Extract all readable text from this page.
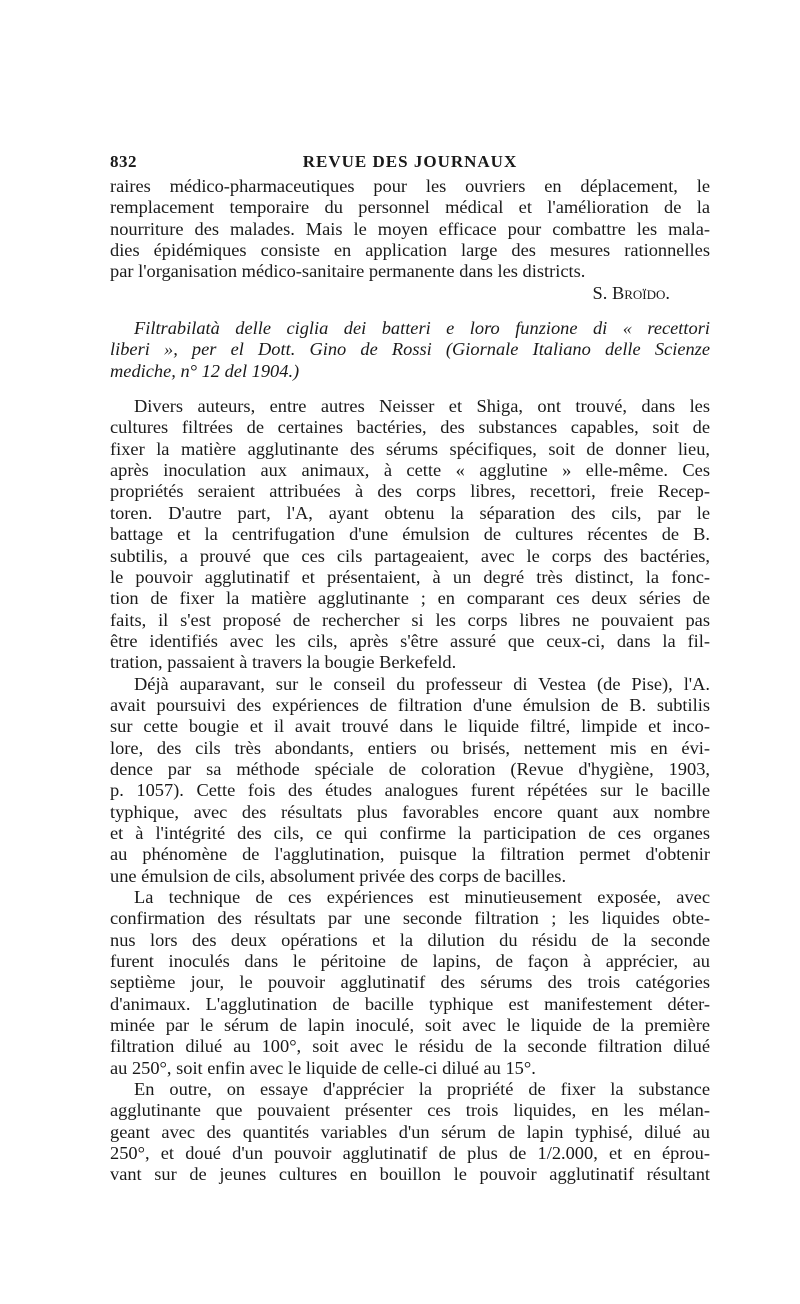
832	REVUE DES JOURNAUX
raires médico-pharmaceutiques pour les ouvriers en déplacement, le
remplacement temporaire du personnel médical et l'amélioration de la
nourriture des malades. Mais le moyen efficace pour combattre les mala-
dies épidémiques consiste en application large des mesures rationnelles
par l'organisation médico-sanitaire permanente dans les districts.
S. Broïdo.
Filtrabilatà delle ciglia dei batteri e loro funzione di « recettori
liberi », per el Dott. Gino de Rossi (Giornale Italiano delle Scienze
mediche, n° 12 del 1904.)
Divers auteurs, entre autres Neisser et Shiga, ont trouvé, dans les
cultures filtrées de certaines bactéries, des substances capables, soit de
fixer la matière agglutinante des sérums spécifiques, soit de donner lieu,
après inoculation aux animaux, à cette « agglutine » elle-même. Ces
propriétés seraient attribuées à des corps libres, recettori, freie Recep-
toren. D'autre part, l'A, ayant obtenu la séparation des cils, par le
battage et la centrifugation d'une émulsion de cultures récentes de B.
subtilis, a prouvé que ces cils partageaient, avec le corps des bactéries,
le pouvoir agglutinatif et présentaient, à un degré très distinct, la fonc-
tion de fixer la matière agglutinante ; en comparant ces deux séries de
faits, il s'est proposé de rechercher si les corps libres ne pouvaient pas
être identifiés avec les cils, après s'être assuré que ceux-ci, dans la fil-
tration, passaient à travers la bougie Berkefeld.
Déjà auparavant, sur le conseil du professeur di Vestea (de Pise), l'A.
avait poursuivi des expériences de filtration d'une émulsion de B. subtilis
sur cette bougie et il avait trouvé dans le liquide filtré, limpide et inco-
lore, des cils très abondants, entiers ou brisés, nettement mis en évi-
dence par sa méthode spéciale de coloration (Revue d'hygiène, 1903,
p. 1057). Cette fois des études analogues furent répétées sur le bacille
typhique, avec des résultats plus favorables encore quant aux nombre
et à l'intégrité des cils, ce qui confirme la participation de ces organes
au phénomène de l'agglutination, puisque la filtration permet d'obtenir
une émulsion de cils, absolument privée des corps de bacilles.
La technique de ces expériences est minutieusement exposée, avec
confirmation des résultats par une seconde filtration ; les liquides obte-
nus lors des deux opérations et la dilution du résidu de la seconde
furent inoculés dans le péritoine de lapins, de façon à apprécier, au
septième jour, le pouvoir agglutinatif des sérums des trois catégories
d'animaux. L'agglutination de bacille typhique est manifestement déter-
minée par le sérum de lapin inoculé, soit avec le liquide de la première
filtration dilué au 100°, soit avec le résidu de la seconde filtration dilué
au 250°, soit enfin avec le liquide de celle-ci dilué au 15°.
En outre, on essaye d'apprécier la propriété de fixer la substance
agglutinante que pouvaient présenter ces trois liquides, en les mélan-
geant avec des quantités variables d'un sérum de lapin typhisé, dilué au
250°, et doué d'un pouvoir agglutinatif de plus de 1/2.000, et en éprou-
vant sur de jeunes cultures en bouillon le pouvoir agglutinatif résultant
